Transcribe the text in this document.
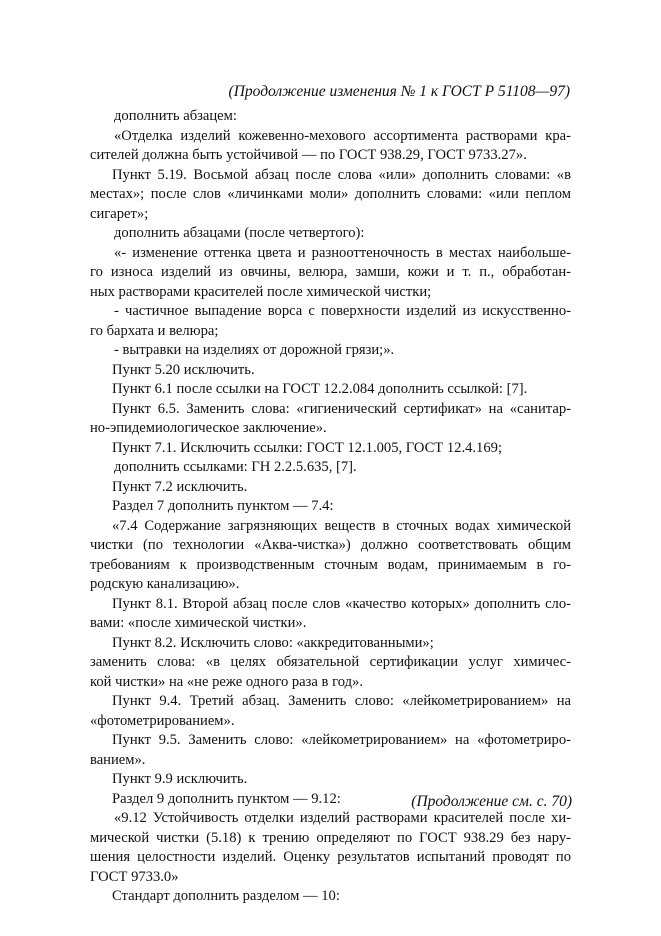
(Продолжение изменения № 1 к ГОСТ Р 51108—97)
дополнить абзацем:
«Отделка изделий кожевенно-мехового ассортимента растворами кра-
сителей должна быть устойчивой — по ГОСТ 938.29, ГОСТ 9733.27».
Пункт 5.19. Восьмой абзац после слова «или» дополнить словами: «в
местах»; после слов «личинками моли» дополнить словами: «или пеплом
сигарет»;
дополнить абзацами (после четвертого):
«- изменение оттенка цвета и разнооттеночность в местах наибольше-
го износа изделий из овчины, велюра, замши, кожи и т. п., обработан-
ных растворами красителей после химической чистки;
- частичное выпадение ворса с поверхности изделий из искусственно-
го бархата и велюра;
- вытравки на изделиях от дорожной грязи;».
Пункт 5.20 исключить.
Пункт 6.1 после ссылки на ГОСТ 12.2.084 дополнить ссылкой: [7].
Пункт 6.5. Заменить слова: «гигиенический сертификат» на «санитар-
но-эпидемиологическое заключение».
Пункт 7.1. Исключить ссылки: ГОСТ 12.1.005, ГОСТ 12.4.169;
дополнить ссылками: ГН 2.2.5.635, [7].
Пункт 7.2 исключить.
Раздел 7 дополнить пунктом — 7.4:
«7.4 Содержание загрязняющих веществ в сточных водах химической
чистки (по технологии «Аква-чистка») должно соответствовать общим
требованиям к производственным сточным водам, принимаемым в го-
родскую канализацию».
Пункт 8.1. Второй абзац после слов «качество которых» дополнить сло-
вами: «после химической чистки».
Пункт 8.2. Исключить слово: «аккредитованными»;
заменить слова: «в целях обязательной сертификации услуг химичес-
кой чистки» на «не реже одного раза в год».
Пункт 9.4. Третий абзац. Заменить слово: «лейкометрированием» на
«фотометрированием».
Пункт 9.5. Заменить слово: «лейкометрированием» на «фотометриро-
ванием».
Пункт 9.9 исключить.
Раздел 9 дополнить пунктом — 9.12:
«9.12 Устойчивость отделки изделий растворами красителей после хи-
мической чистки (5.18) к трению определяют по ГОСТ 938.29 без нару-
шения целостности изделий. Оценку результатов испытаний проводят по
ГОСТ 9733.0»
Стандарт дополнить разделом — 10:
(Продолжение см. с. 70)
